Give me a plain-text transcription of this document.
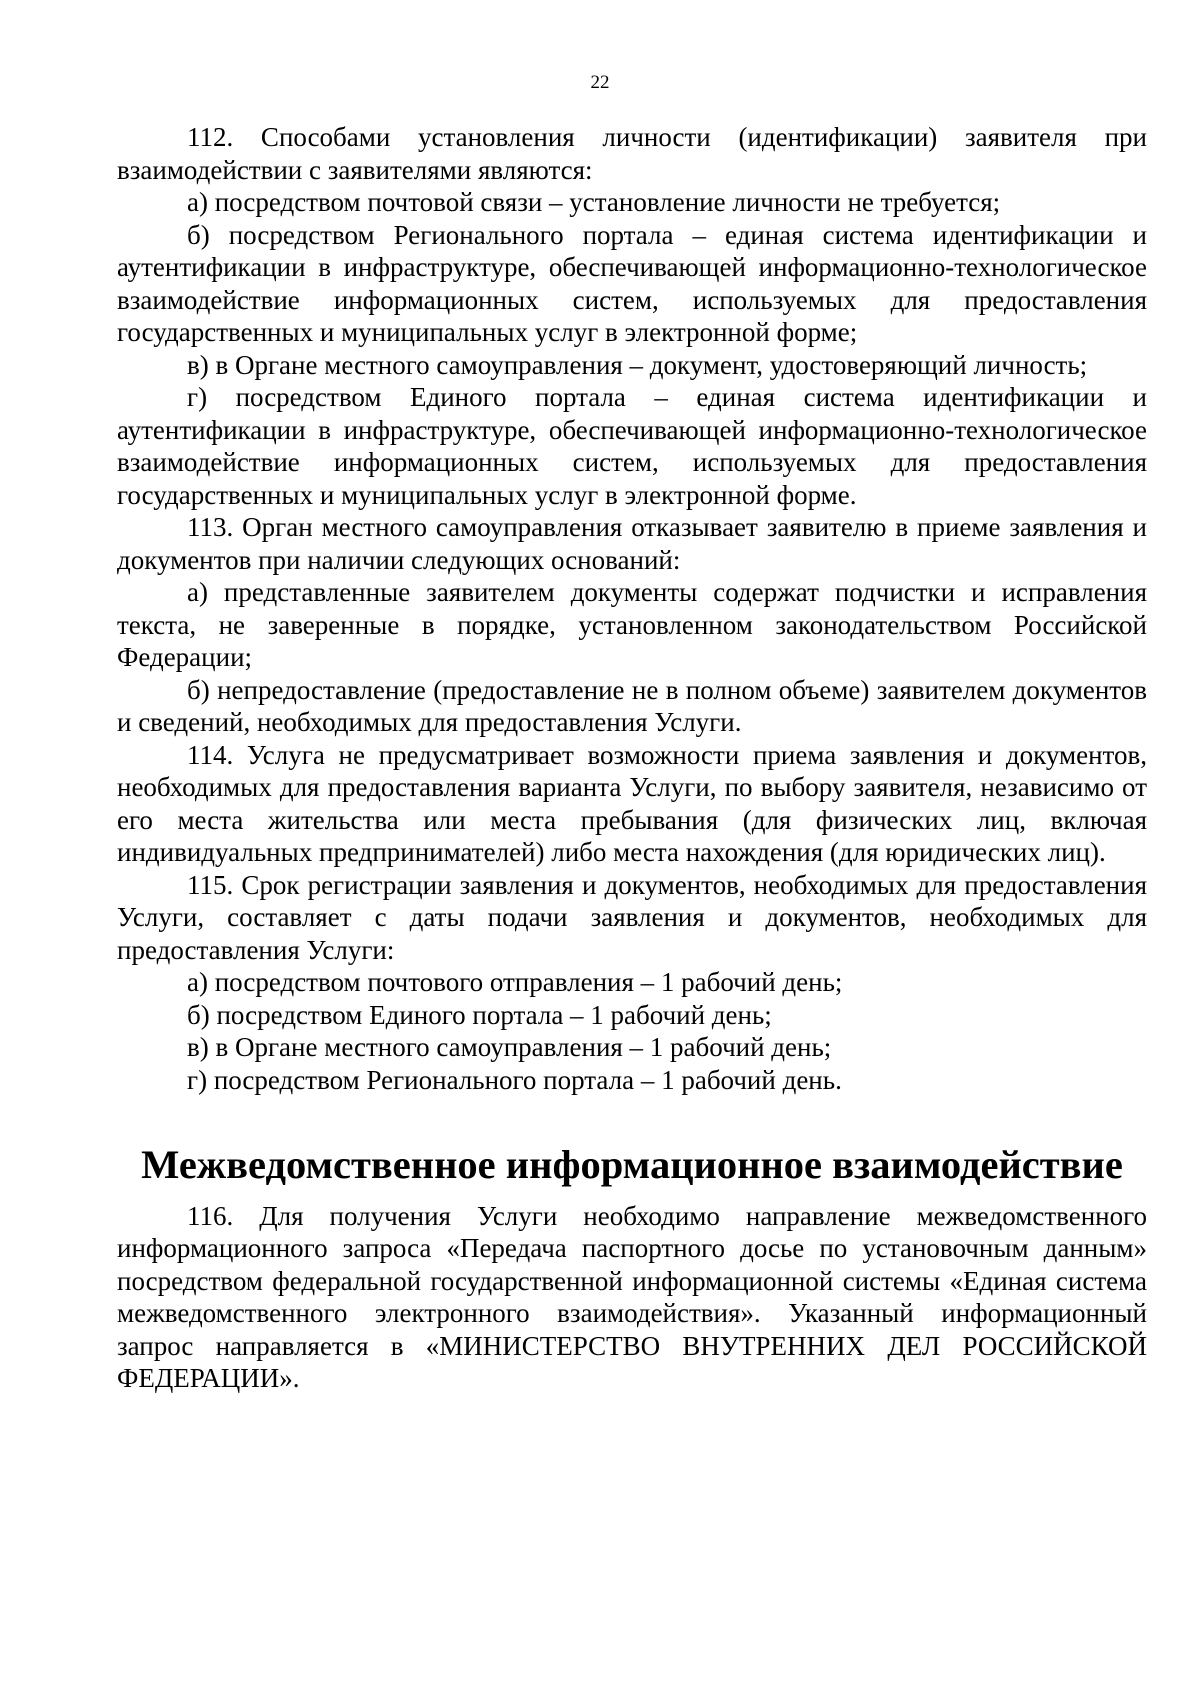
22

112. Способами установления личности (идентификации) заявителя при взаимодействии с заявителями являются:

а) посредством почтовой связи – установление личности не требуется;

б) посредством Регионального портала – единая система идентификации и аутентификации в инфраструктуре, обеспечивающей информационно-технологическое взаимодействие информационных систем, используемых для предоставления государственных и муниципальных услуг в электронной форме;

в) в Органе местного самоуправления – документ, удостоверяющий личность;

г) посредством Единого портала – единая система идентификации и аутентификации в инфраструктуре, обеспечивающей информационно-технологическое взаимодействие информационных систем, используемых для предоставления государственных и муниципальных услуг в электронной форме.

113. Орган местного самоуправления отказывает заявителю в приеме заявления и документов при наличии следующих оснований:

а) представленные заявителем документы содержат подчистки и исправления текста, не заверенные в порядке, установленном законодательством Российской Федерации;

б) непредоставление (предоставление не в полном объеме) заявителем документов и сведений, необходимых для предоставления Услуги.

114. Услуга не предусматривает возможности приема заявления и документов, необходимых для предоставления варианта Услуги, по выбору заявителя, независимо от его места жительства или места пребывания (для физических лиц, включая индивидуальных предпринимателей) либо места нахождения (для юридических лиц).

115. Срок регистрации заявления и документов, необходимых для предоставления Услуги, составляет с даты подачи заявления и документов, необходимых для предоставления Услуги:

а) посредством почтового отправления – 1 рабочий день;

б) посредством Единого портала – 1 рабочий день;

в) в Органе местного самоуправления – 1 рабочий день;

г) посредством Регионального портала – 1 рабочий день.

Межведомственное информационное взаимодействие

116. Для получения Услуги необходимо направление межведомственного информационного запроса «Передача паспортного досье по установочным данным» посредством федеральной государственной информационной системы «Единая система межведомственного электронного взаимодействия». Указанный информационный запрос направляется в «МИНИСТЕРСТВО ВНУТРЕННИХ ДЕЛ РОССИЙСКОЙ ФЕДЕРАЦИИ».
